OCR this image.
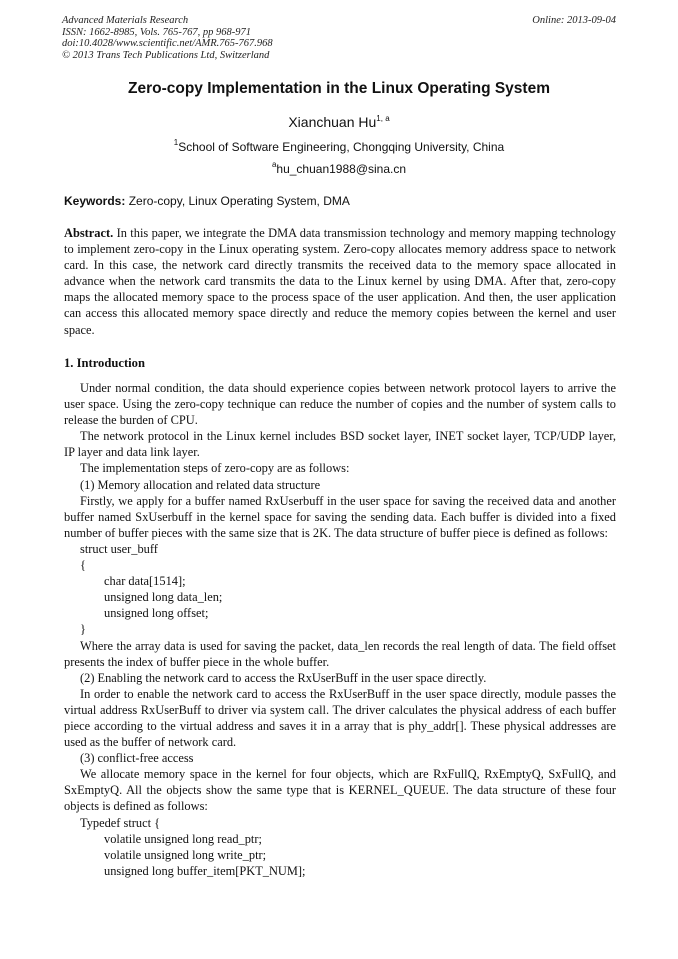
Advanced Materials Research
ISSN: 1662-8985, Vols. 765-767, pp 968-971
doi:10.4028/www.scientific.net/AMR.765-767.968
© 2013 Trans Tech Publications Ltd, Switzerland
Online: 2013-09-04
Zero-copy Implementation in the Linux Operating System
Xianchuan Hu$^{1, a}$
$^1$School of Software Engineering, Chongqing University, China
$^a$hu_chuan1988@sina.cn
Keywords: Zero-copy, Linux Operating System, DMA
Abstract. In this paper, we integrate the DMA data transmission technology and memory mapping technology to implement zero-copy in the Linux operating system. Zero-copy allocates memory address space to network card. In this case, the network card directly transmits the received data to the memory space allocated in advance when the network card transmits the data to the Linux kernel by using DMA. After that, zero-copy maps the allocated memory space to the process space of the user application. And then, the user application can access this allocated memory space directly and reduce the memory copies between the kernel and user space.
1. Introduction

Under normal condition, the data should experience copies between network protocol layers to arrive the user space. Using the zero-copy technique can reduce the number of copies and the number of system calls to release the burden of CPU.

The network protocol in the Linux kernel includes BSD socket layer, INET socket layer, TCP/UDP layer, IP layer and data link layer.

The implementation steps of zero-copy are as follows:

(1) Memory allocation and related data structure

Firstly, we apply for a buffer named RxUserbuff in the user space for saving the received data and another buffer named SxUserbuff in the kernel space for saving the sending data. Each buffer is divided into a fixed number of buffer pieces with the same size that is 2K. The data structure of buffer piece is defined as follows:

struct user_buff

{

char data[1514];

unsigned long data_len;

unsigned long offset;

}

Where the array data is used for saving the packet, data_len records the real length of data. The field offset presents the index of buffer piece in the whole buffer.

(2) Enabling the network card to access the RxUserBuff in the user space directly.

In order to enable the network card to access the RxUserBuff in the user space directly, module passes the virtual address RxUserBuff to driver via system call. The driver calculates the physical address of each buffer piece according to the virtual address and saves it in a array that is phy_addr[]. These physical addresses are used as the buffer of network card.

(3) conflict-free access

We allocate memory space in the kernel for four objects, which are RxFullQ, RxEmptyQ, SxFullQ, and SxEmptyQ. All the objects show the same type that is KERNEL_QUEUE. The data structure of these four objects is defined as follows:

Typedef struct {

volatile unsigned long read_ptr;

volatile unsigned long write_ptr;

unsigned long buffer_item[PKT_NUM];
